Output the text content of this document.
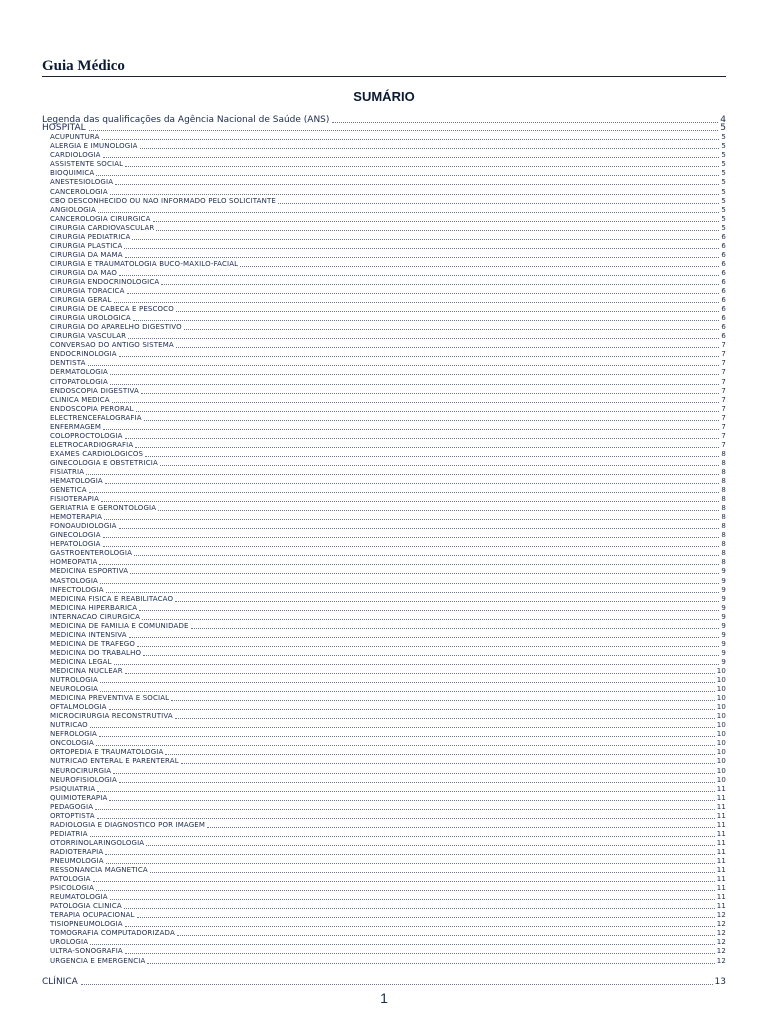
Guia Médico
SUMÁRIO
Legenda das qualificações da Agência Nacional de Saúde (ANS)	4
HOSPITAL	5
ACUPUNTURA	5
ALERGIA E IMUNOLOGIA	5
CARDIOLOGIA	5
ASSISTENTE SOCIAL	5
BIOQUIMICA	5
ANESTESIOLOGIA	5
CANCEROLOGIA	5
CBO DESCONHECIDO OU NAO INFORMADO PELO SOLICITANTE	5
ANGIOLOGIA	5
CANCEROLOGIA CIRURGICA	5
CIRURGIA CARDIOVASCULAR	5
CIRURGIA PEDIATRICA	6
CIRURGIA PLASTICA	6
CIRURGIA DA MAMA	6
CIRURGIA E TRAUMATOLOGIA BUCO-MAXILO-FACIAL	6
CIRURGIA DA MAO	6
CIRURGIA ENDOCRINOLOGICA	6
CIRURGIA TORACICA	6
CIRURGIA GERAL	6
CIRURGIA DE CABECA E PESCOCO	6
CIRURGIA UROLOGICA	6
CIRURGIA DO APARELHO DIGESTIVO	6
CIRURGIA VASCULAR	6
CONVERSAO DO ANTIGO SISTEMA	7
ENDOCRINOLOGIA	7
DENTISTA	7
DERMATOLOGIA	7
CITOPATOLOGIA	7
ENDOSCOPIA DIGESTIVA	7
CLINICA MEDICA	7
ENDOSCOPIA PERORAL	7
ELECTRENCEFALOGRAFIA	7
ENFERMAGEM	7
COLOPROCTOLOGIA	7
ELETROCARDIOGRAFIA	7
EXAMES CARDIOLOGICOS	8
GINECOLOGIA E OBSTETRICIA	8
FISIATRIA	8
HEMATOLOGIA	8
GENETICA	8
FISIOTERAPIA	8
GERIATRIA E GERONTOLOGIA	8
HEMOTERAPIA	8
FONOAUDIOLOGIA	8
GINECOLOGIA	8
HEPATOLOGIA	8
GASTROENTEROLOGIA	8
HOMEOPATIA	8
MEDICINA ESPORTIVA	9
MASTOLOGIA	9
INFECTOLOGIA	9
MEDICINA FISICA E REABILITACAO	9
MEDICINA HIPERBARICA	9
INTERNACAO CIRURGICA	9
MEDICINA DE FAMILIA E COMUNIDADE	9
MEDICINA INTENSIVA	9
MEDICINA DE TRAFEGO	9
MEDICINA DO TRABALHO	9
MEDICINA LEGAL	9
MEDICINA NUCLEAR	10
NUTROLOGIA	10
NEUROLOGIA	10
MEDICINA PREVENTIVA E SOCIAL	10
OFTALMOLOGIA	10
MICROCIRURGIA RECONSTRUTIVA	10
NUTRICAO	10
NEFROLOGIA	10
ONCOLOGIA	10
ORTOPEDIA E TRAUMATOLOGIA	10
NUTRICAO ENTERAL E PARENTERAL	10
NEUROCIRURGIA	10
NEUROFISIOLOGIA	10
PSIQUIATRIA	11
QUIMIOTERAPIA	11
PEDAGOGIA	11
ORTOPTISTA	11
RADIOLOGIA E DIAGNOSTICO POR IMAGEM	11
PEDIATRIA	11
OTORRINOLARINGOLOGIA	11
RADIOTERAPIA	11
PNEUMOLOGIA	11
RESSONANCIA MAGNETICA	11
PATOLOGIA	11
PSICOLOGIA	11
REUMATOLOGIA	11
PATOLOGIA CLINICA	11
TERAPIA OCUPACIONAL	12
TISIOPNEUMOLOGIA	12
TOMOGRAFIA COMPUTADORIZADA	12
UROLOGIA	12
ULTRA-SONOGRAFIA	12
URGENCIA E EMERGENCIA	12
CLÍNICA	13
1
